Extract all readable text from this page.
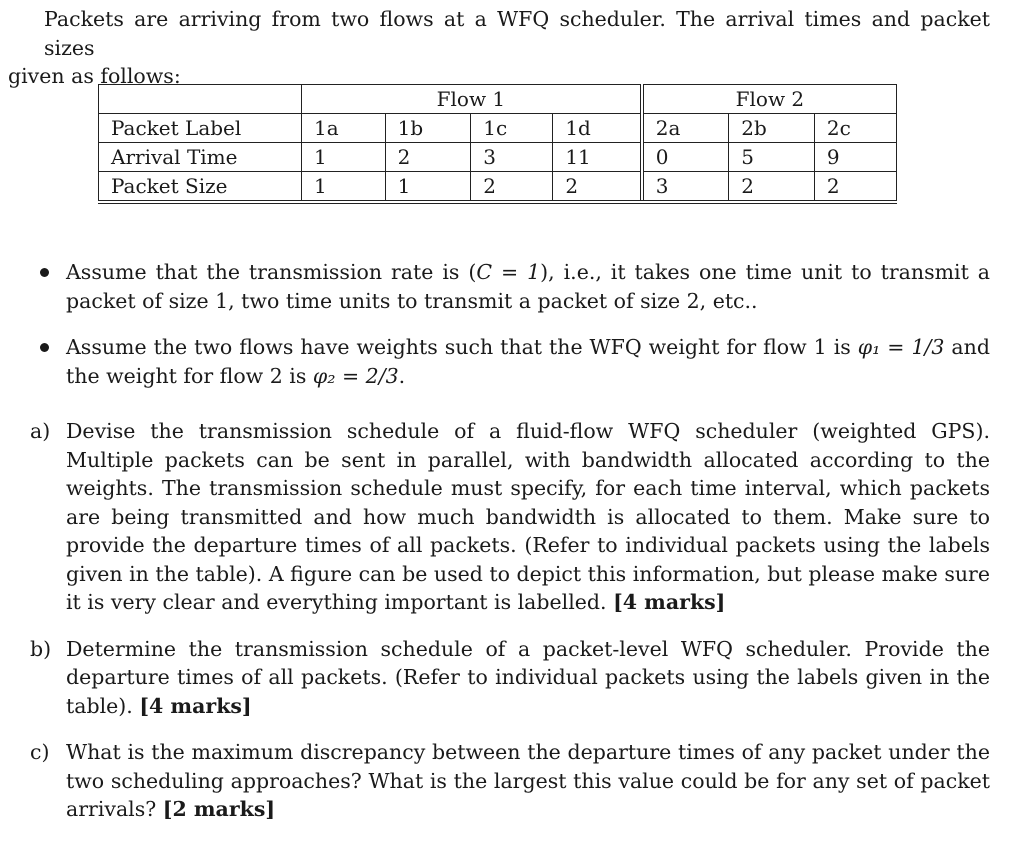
Packets are arriving from two flows at a WFQ scheduler. The arrival times and packet sizes
given as follows:
	Flow 1				Flow 2		
Packet Label	1a	1b	1c	1d	2a	2b	2c
Arrival Time	1	2	3	11	0	5	9
Packet Size	1	1	2	2	3	2	2
Assume that the transmission rate is (C = 1), i.e., it takes one time unit to transmit a packet of size 1, two time units to transmit a packet of size 2, etc..
Assume the two flows have weights such that the WFQ weight for flow 1 is φ₁ = 1/3 and the weight for flow 2 is φ₂ = 2/3.
a) Devise the transmission schedule of a fluid-flow WFQ scheduler (weighted GPS). Multiple packets can be sent in parallel, with bandwidth allocated according to the weights. The transmission schedule must specify, for each time interval, which packets are being transmitted and how much bandwidth is allocated to them. Make sure to provide the departure times of all packets. (Refer to individual packets using the labels given in the table). A figure can be used to depict this information, but please make sure it is very clear and everything important is labelled. [4 marks]
b) Determine the transmission schedule of a packet-level WFQ scheduler. Provide the departure times of all packets. (Refer to individual packets using the labels given in the table). [4 marks]
c) What is the maximum discrepancy between the departure times of any packet under the two scheduling approaches? What is the largest this value could be for any set of packet arrivals? [2 marks]
